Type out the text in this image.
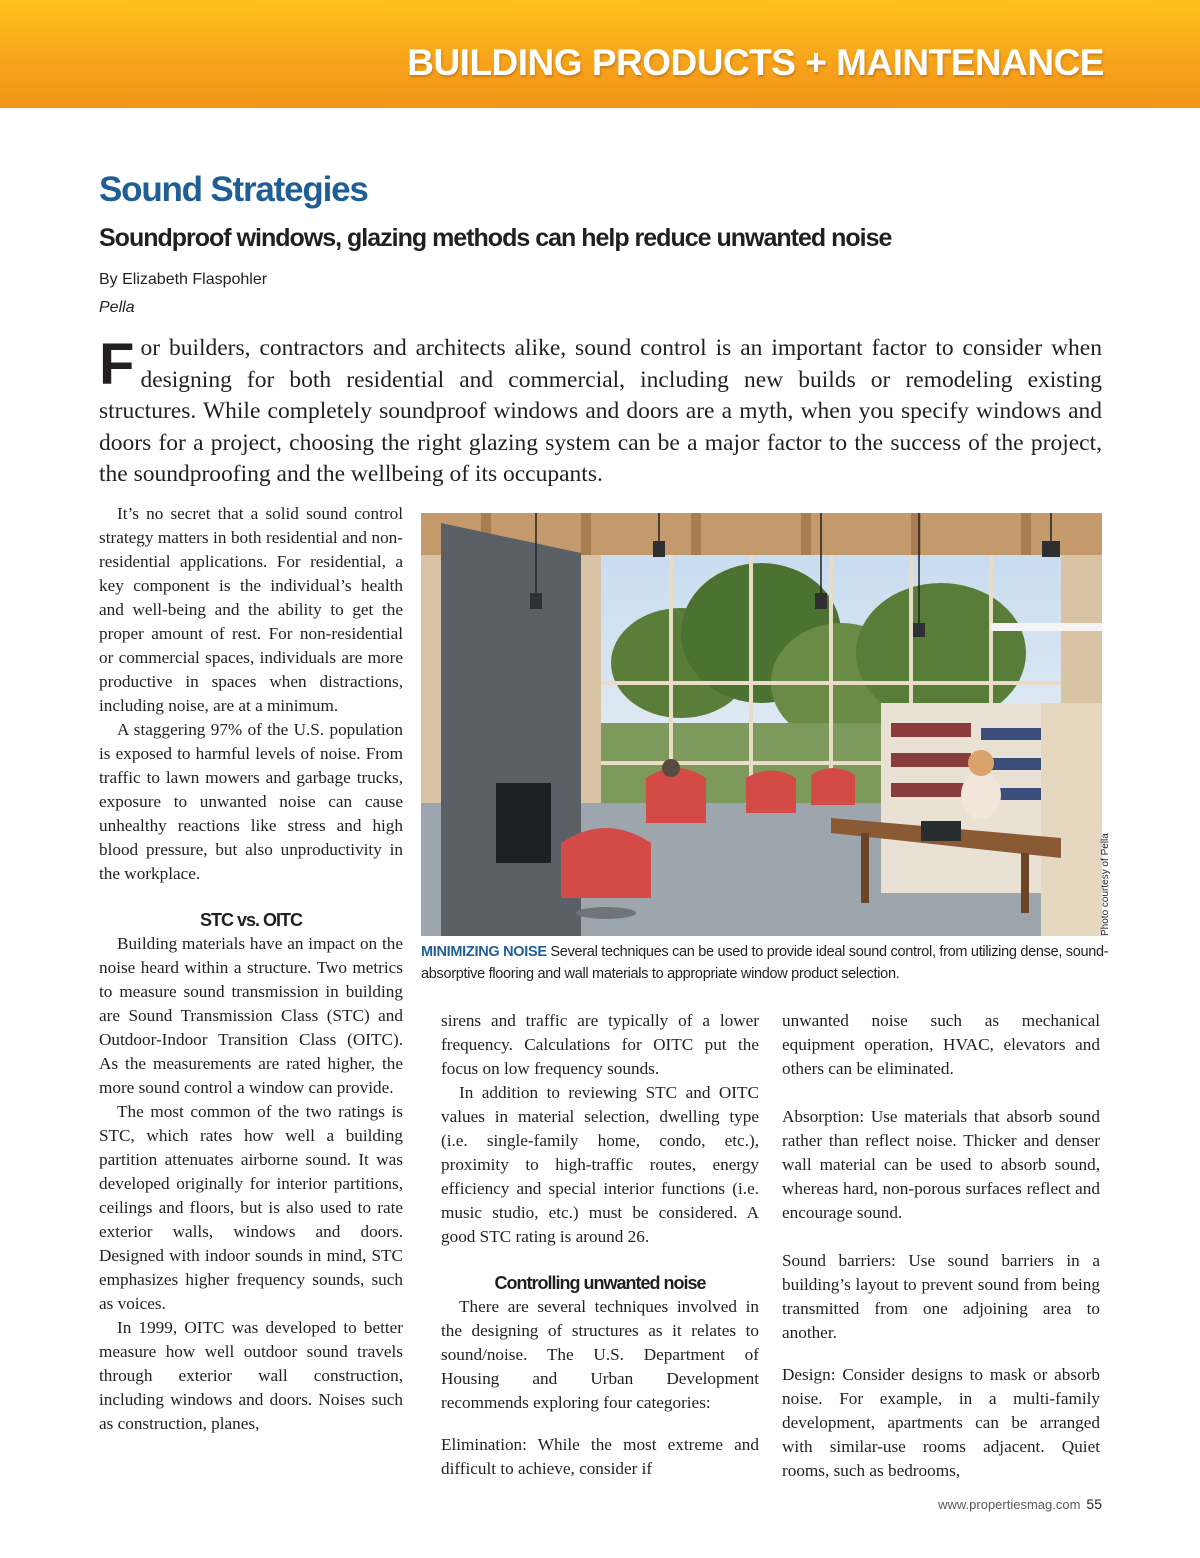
BUILDING PRODUCTS + MAINTENANCE
Sound Strategies
Soundproof windows, glazing methods can help reduce unwanted noise
By Elizabeth Flaspohler
Pella

For builders, contractors and architects alike, sound control is an important factor to consider when designing for both residential and commercial, including new builds or remodeling existing structures. While completely soundproof windows and doors are a myth, when you specify windows and doors for a project, choosing the right glazing system can be a major factor to the success of the project, the soundproofing and the wellbeing of its occupants.

It’s no secret that a solid sound control strategy matters in both residential and non-residential applications. For residential, a key component is the individual’s health and well-being and the ability to get the proper amount of rest. For non-residential or commercial spaces, individuals are more productive in spaces when distractions, including noise, are at a minimum.

A staggering 97% of the U.S. population is exposed to harmful levels of noise. From traffic to lawn mowers and garbage trucks, exposure to unwanted noise can cause unhealthy reactions like stress and high blood pressure, but also unproductivity in the workplace.

STC vs. OITC

Building materials have an impact on the noise heard within a structure. Two metrics to measure sound transmission in building are Sound Transmission Class (STC) and Outdoor-Indoor Transition Class (OITC). As the measurements are rated higher, the more sound control a window can provide.

The most common of the two ratings is STC, which rates how well a building partition attenuates airborne sound. It was developed originally for interior partitions, ceilings and floors, but is also used to rate exterior walls, windows and doors. Designed with indoor sounds in mind, STC emphasizes higher frequency sounds, such as voices.

In 1999, OITC was developed to better measure how well outdoor sound travels through exterior wall construction, including windows and doors. Noises such as construction, planes,

Photo courtesy of Pella

MINIMIZING NOISE Several techniques can be used to provide ideal sound control, from utilizing dense, sound-absorptive flooring and wall materials to appropriate window product selection.

sirens and traffic are typically of a lower frequency. Calculations for OITC put the focus on low frequency sounds.

In addition to reviewing STC and OITC values in material selection, dwelling type (i.e. single-family home, condo, etc.), proximity to high-traffic routes, energy efficiency and special interior functions (i.e. music studio, etc.) must be considered. A good STC rating is around 26.

Controlling unwanted noise

There are several techniques involved in the designing of structures as it relates to sound/noise. The U.S. Department of Housing and Urban Development recommends exploring four categories:

Elimination: While the most extreme and difficult to achieve, consider if

unwanted noise such as mechanical equipment operation, HVAC, elevators and others can be eliminated.

Absorption: Use materials that absorb sound rather than reflect noise. Thicker and denser wall material can be used to absorb sound, whereas hard, non-porous surfaces reflect and encourage sound.

Sound barriers: Use sound barriers in a building’s layout to prevent sound from being transmitted from one adjoining area to another.

Design: Consider designs to mask or absorb noise. For example, in a multi-family development, apartments can be arranged with similar-use rooms adjacent. Quiet rooms, such as bedrooms,

www.propertiesmag.com 55
